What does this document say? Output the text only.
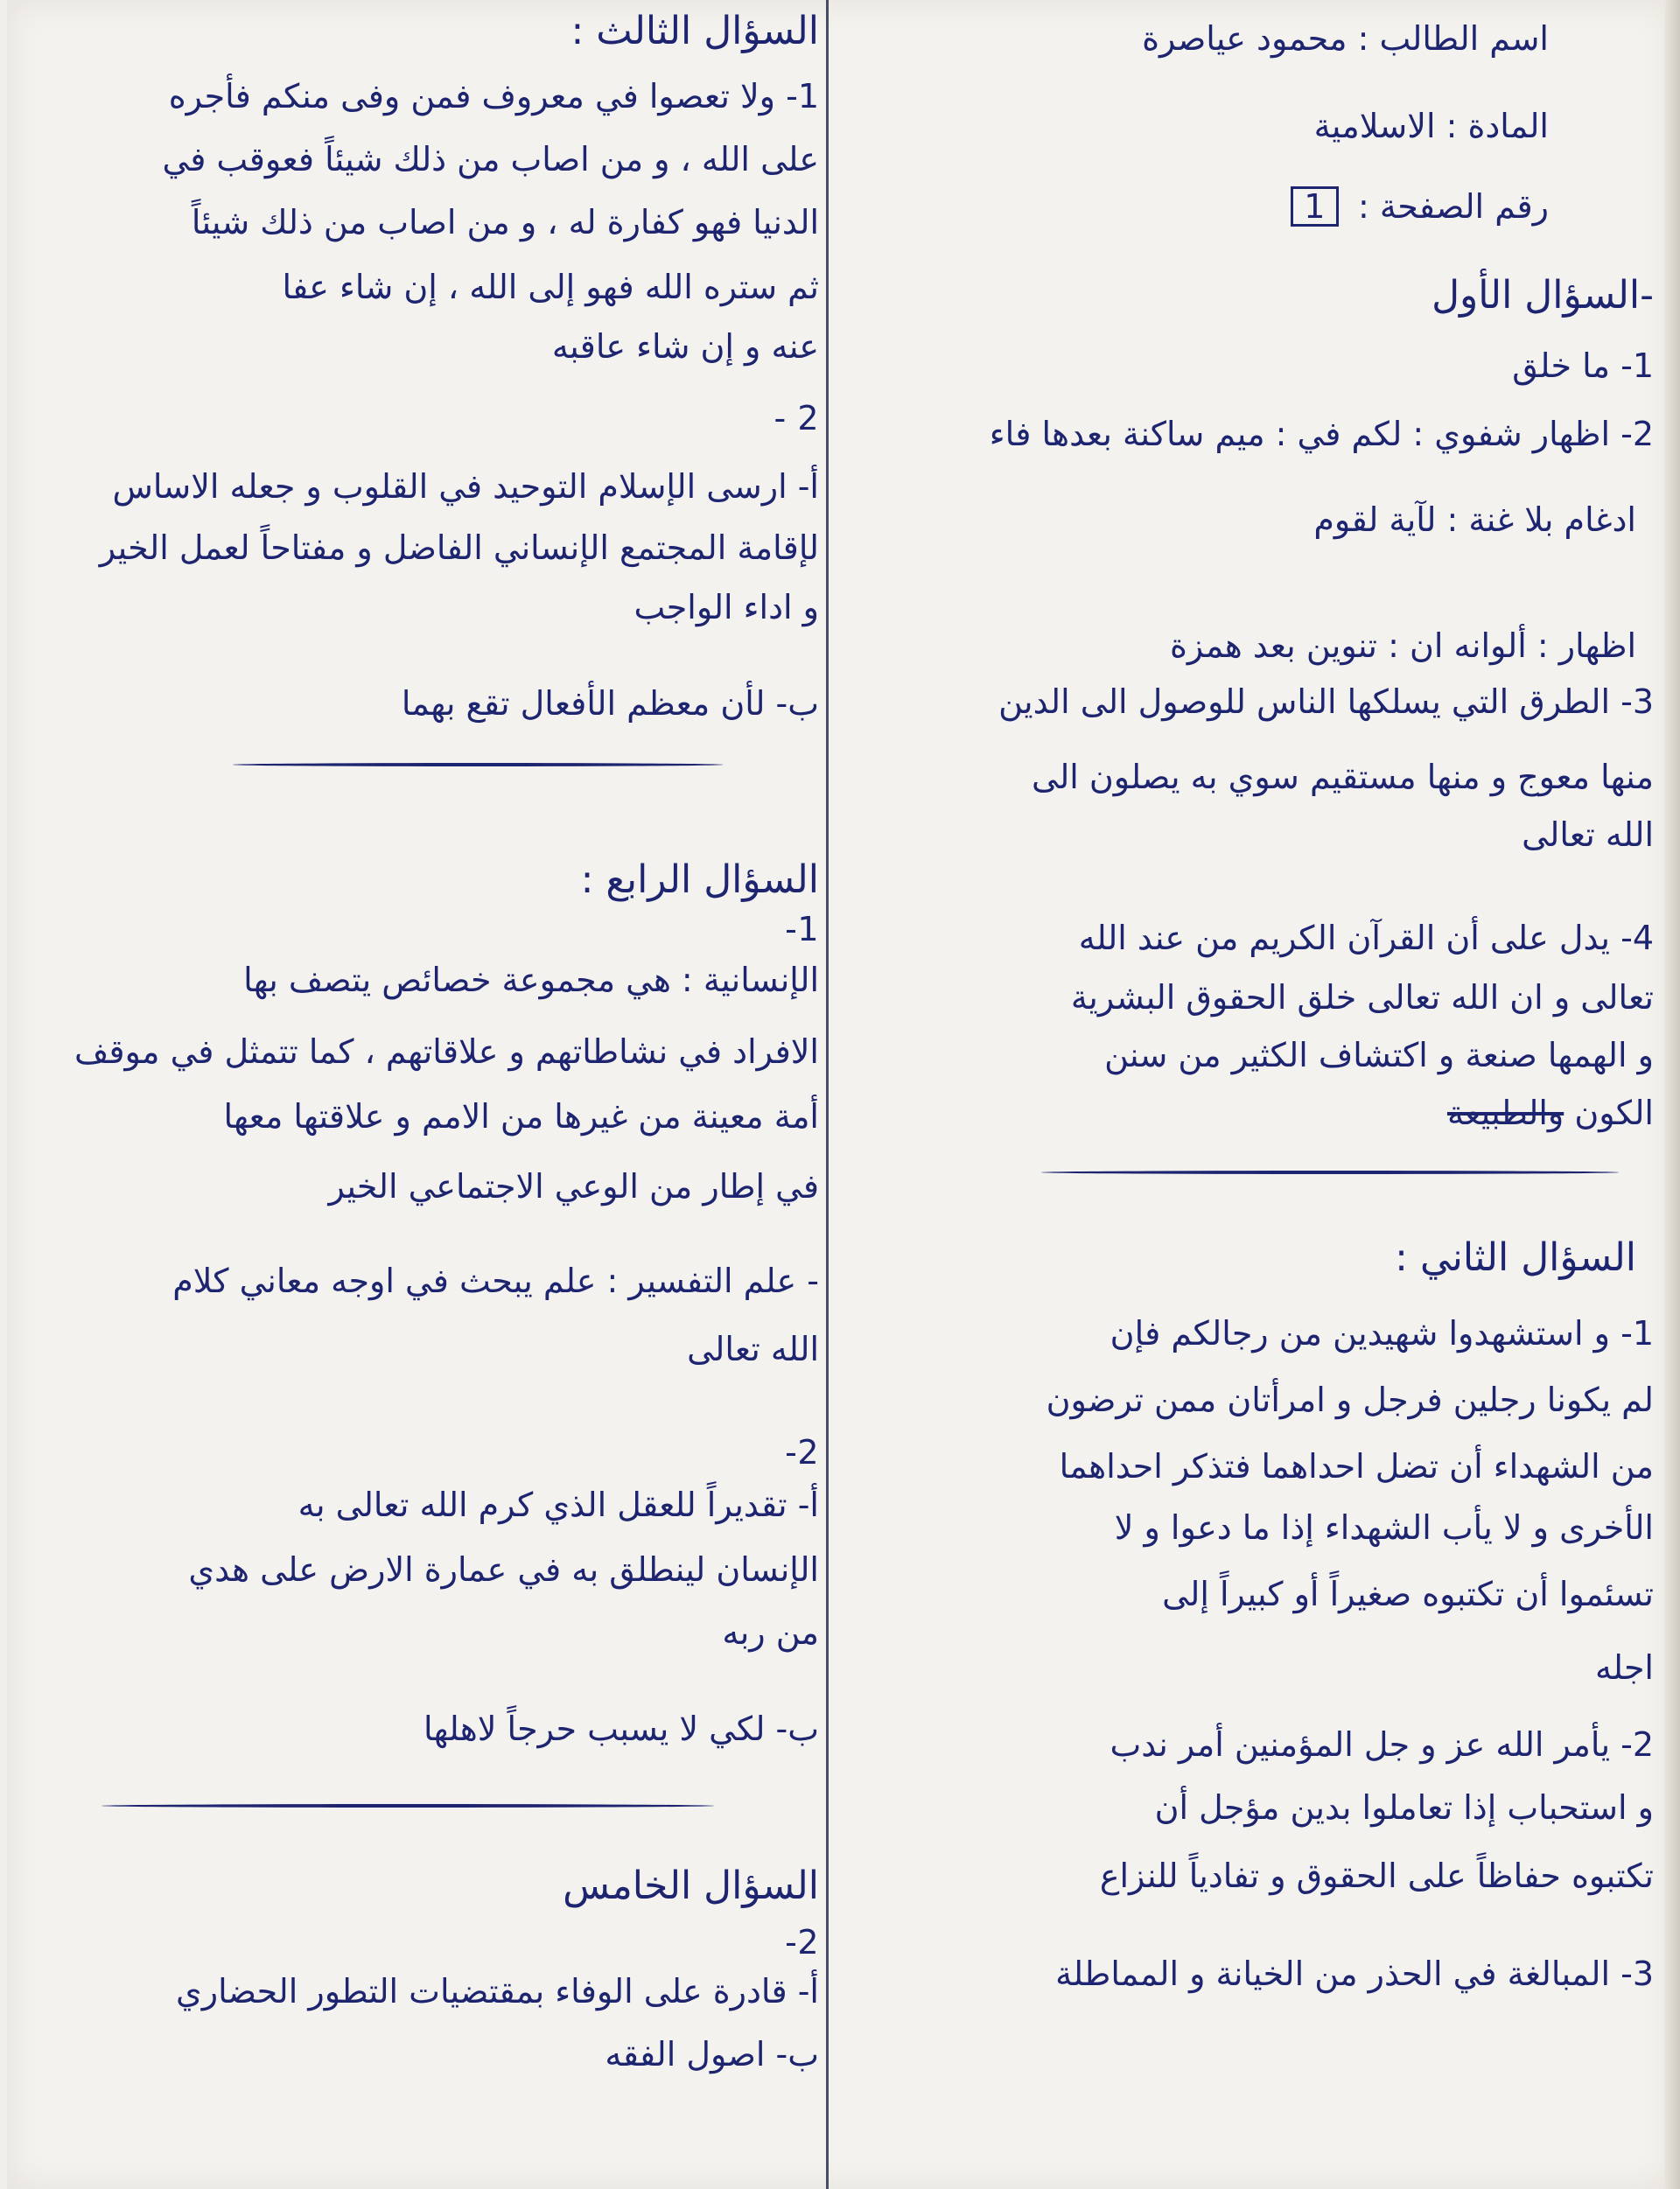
اسم الطالب : محمود عياصرة
المادة : الاسلامية
رقم الصفحة : 1
-السؤال الأول
1- ما خلق
2- اظهار شفوي : لكم في : ميم ساكنة بعدها فاء
ادغام بلا غنة : لآية لقوم
اظهار : ألوانه ان : تنوين بعد همزة
3- الطرق التي يسلكها الناس للوصول الى الدين
منها معوج و منها مستقيم سوي به يصلون الى
الله تعالى
4- يدل على أن القرآن الكريم من عند الله
تعالى و ان الله تعالى خلق الحقوق البشرية
و الهمها صنعة و اكتشاف الكثير من سنن
الكون والطبيعة
السؤال الثاني :
1- و استشهدوا شهيدين من رجالكم فإن
لم يكونا رجلين فرجل و امرأتان ممن ترضون
من الشهداء أن تضل احداهما فتذكر احداهما
الأخرى و لا يأب الشهداء إذا ما دعوا و لا
تسئموا أن تكتبوه صغيراً أو كبيراً إلى
اجله
2- يأمر الله عز و جل المؤمنين أمر ندب
و استحباب إذا تعاملوا بدين مؤجل أن
تكتبوه حفاظاً على الحقوق و تفادياً للنزاع
3- المبالغة في الحذر من الخيانة و المماطلة
السؤال الثالث :
1- ولا تعصوا في معروف فمن وفى منكم فأجره
على الله ، و من اصاب من ذلك شيئاً فعوقب في
الدنيا فهو كفارة له ، و من اصاب من ذلك شيئاً
ثم ستره الله فهو إلى الله ، إن شاء عفا
عنه و إن شاء عاقبه
2 -
أ- ارسى الإسلام التوحيد في القلوب و جعله الاساس
لإقامة المجتمع الإنساني الفاضل و مفتاحاً لعمل الخير
و اداء الواجب
ب- لأن معظم الأفعال تقع بهما
السؤال الرابع :
1-
الإنسانية : هي مجموعة خصائص يتصف بها
الافراد في نشاطاتهم و علاقاتهم ، كما تتمثل في موقف
أمة معينة من غيرها من الامم و علاقتها معها
في إطار من الوعي الاجتماعي الخير
- علم التفسير : علم يبحث في اوجه معاني كلام
الله تعالى
2-
أ- تقديراً للعقل الذي كرم الله تعالى به
الإنسان لينطلق به في عمارة الارض على هدي
من ربه
ب- لكي لا يسبب حرجاً لاهلها
السؤال الخامس
2-
أ- قادرة على الوفاء بمقتضيات التطور الحضاري
ب- اصول الفقه
